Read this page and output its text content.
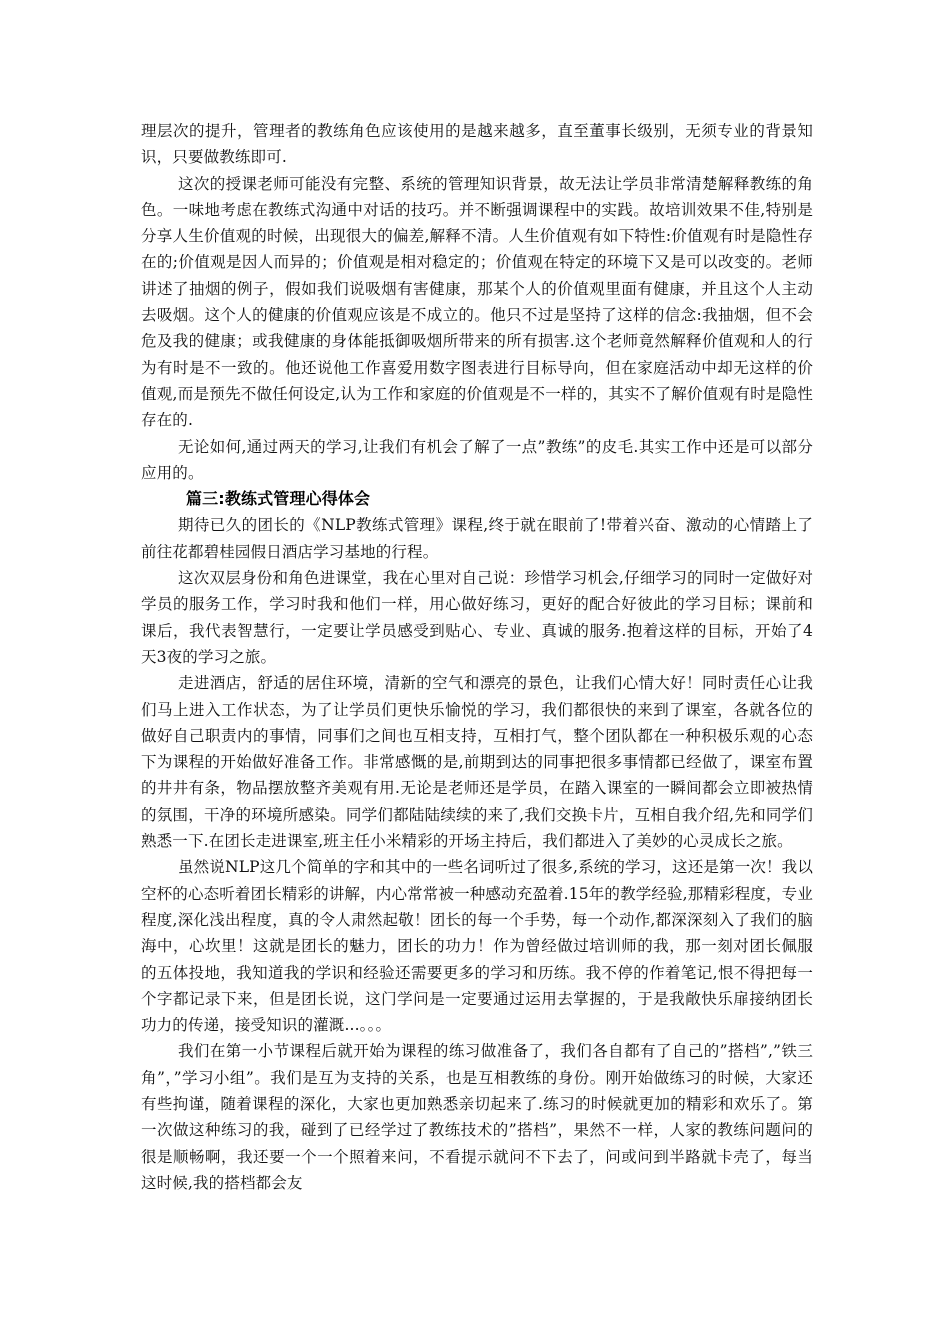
理层次的提升，管理者的教练角色应该使用的是越来越多，直至董事长级别，无须专业的背景知识，只要做教练即可.

这次的授课老师可能没有完整、系统的管理知识背景，故无法让学员非常清楚解释教练的角色。一味地考虑在教练式沟通中对话的技巧。并不断强调课程中的实践。故培训效果不佳,特别是分享人生价值观的时候，出现很大的偏差,解释不清。人生价值观有如下特性:价值观有时是隐性存在的;价值观是因人而异的；价值观是相对稳定的；价值观在特定的环境下又是可以改变的。老师讲述了抽烟的例子，假如我们说吸烟有害健康，那某个人的价值观里面有健康，并且这个人主动去吸烟。这个人的健康的价值观应该是不成立的。他只不过是坚持了这样的信念:我抽烟，但不会危及我的健康；或我健康的身体能抵御吸烟所带来的所有损害.这个老师竟然解释价值观和人的行为有时是不一致的。他还说他工作喜爱用数字图表进行目标导向，但在家庭活动中却无这样的价值观,而是预先不做任何设定,认为工作和家庭的价值观是不一样的，其实不了解价值观有时是隐性存在的.

无论如何,通过两天的学习,让我们有机会了解了一点”教练”的皮毛.其实工作中还是可以部分应用的。

篇三:教练式管理心得体会

期待已久的团长的《NLP教练式管理》课程,终于就在眼前了!带着兴奋、激动的心情踏上了前往花都碧桂园假日酒店学习基地的行程。

这次双层身份和角色进课堂，我在心里对自己说：珍惜学习机会,仔细学习的同时一定做好对学员的服务工作，学习时我和他们一样，用心做好练习，更好的配合好彼此的学习目标；课前和课后，我代表智慧行，一定要让学员感受到贴心、专业、真诚的服务.抱着这样的目标，开始了4天3夜的学习之旅。

走进酒店，舒适的居住环境，清新的空气和漂亮的景色，让我们心情大好！同时责任心让我们马上进入工作状态，为了让学员们更快乐愉悦的学习，我们都很快的来到了课室，各就各位的做好自己职责内的事情，同事们之间也互相支持，互相打气，整个团队都在一种积极乐观的心态下为课程的开始做好准备工作。非常感慨的是,前期到达的同事把很多事情都已经做了，课室布置的井井有条，物品摆放整齐美观有用.无论是老师还是学员，在踏入课室的一瞬间都会立即被热情的氛围，干净的环境所感染。同学们都陆陆续续的来了,我们交换卡片，互相自我介绍,先和同学们熟悉一下.在团长走进课室,班主任小米精彩的开场主持后，我们都进入了美妙的心灵成长之旅。

虽然说NLP这几个简单的字和其中的一些名词听过了很多,系统的学习，这还是第一次！我以空杯的心态听着团长精彩的讲解，内心常常被一种感动充盈着.15年的教学经验,那精彩程度，专业程度,深化浅出程度，真的令人肃然起敬！团长的每一个手势，每一个动作,都深深刻入了我们的脑海中，心坎里！这就是团长的魅力，团长的功力！作为曾经做过培训师的我，那一刻对团长佩服的五体投地，我知道我的学识和经验还需要更多的学习和历练。我不停的作着笔记,恨不得把每一个字都记录下来，但是团长说，这门学问是一定要通过运用去掌握的，于是我敞快乐扉接纳团长功力的传递，接受知识的灌溉...。。。

我们在第一小节课程后就开始为课程的练习做准备了，我们各自都有了自己的”搭档”,”铁三角”，”学习小组”。我们是互为支持的关系，也是互相教练的身份。刚开始做练习的时候，大家还有些拘谨，随着课程的深化，大家也更加熟悉亲切起来了.练习的时候就更加的精彩和欢乐了。第一次做这种练习的我，碰到了已经学过了教练技术的”搭档”，果然不一样，人家的教练问题问的很是顺畅啊，我还要一个一个照着来问，不看提示就问不下去了，问或问到半路就卡壳了，每当这时候,我的搭档都会友
